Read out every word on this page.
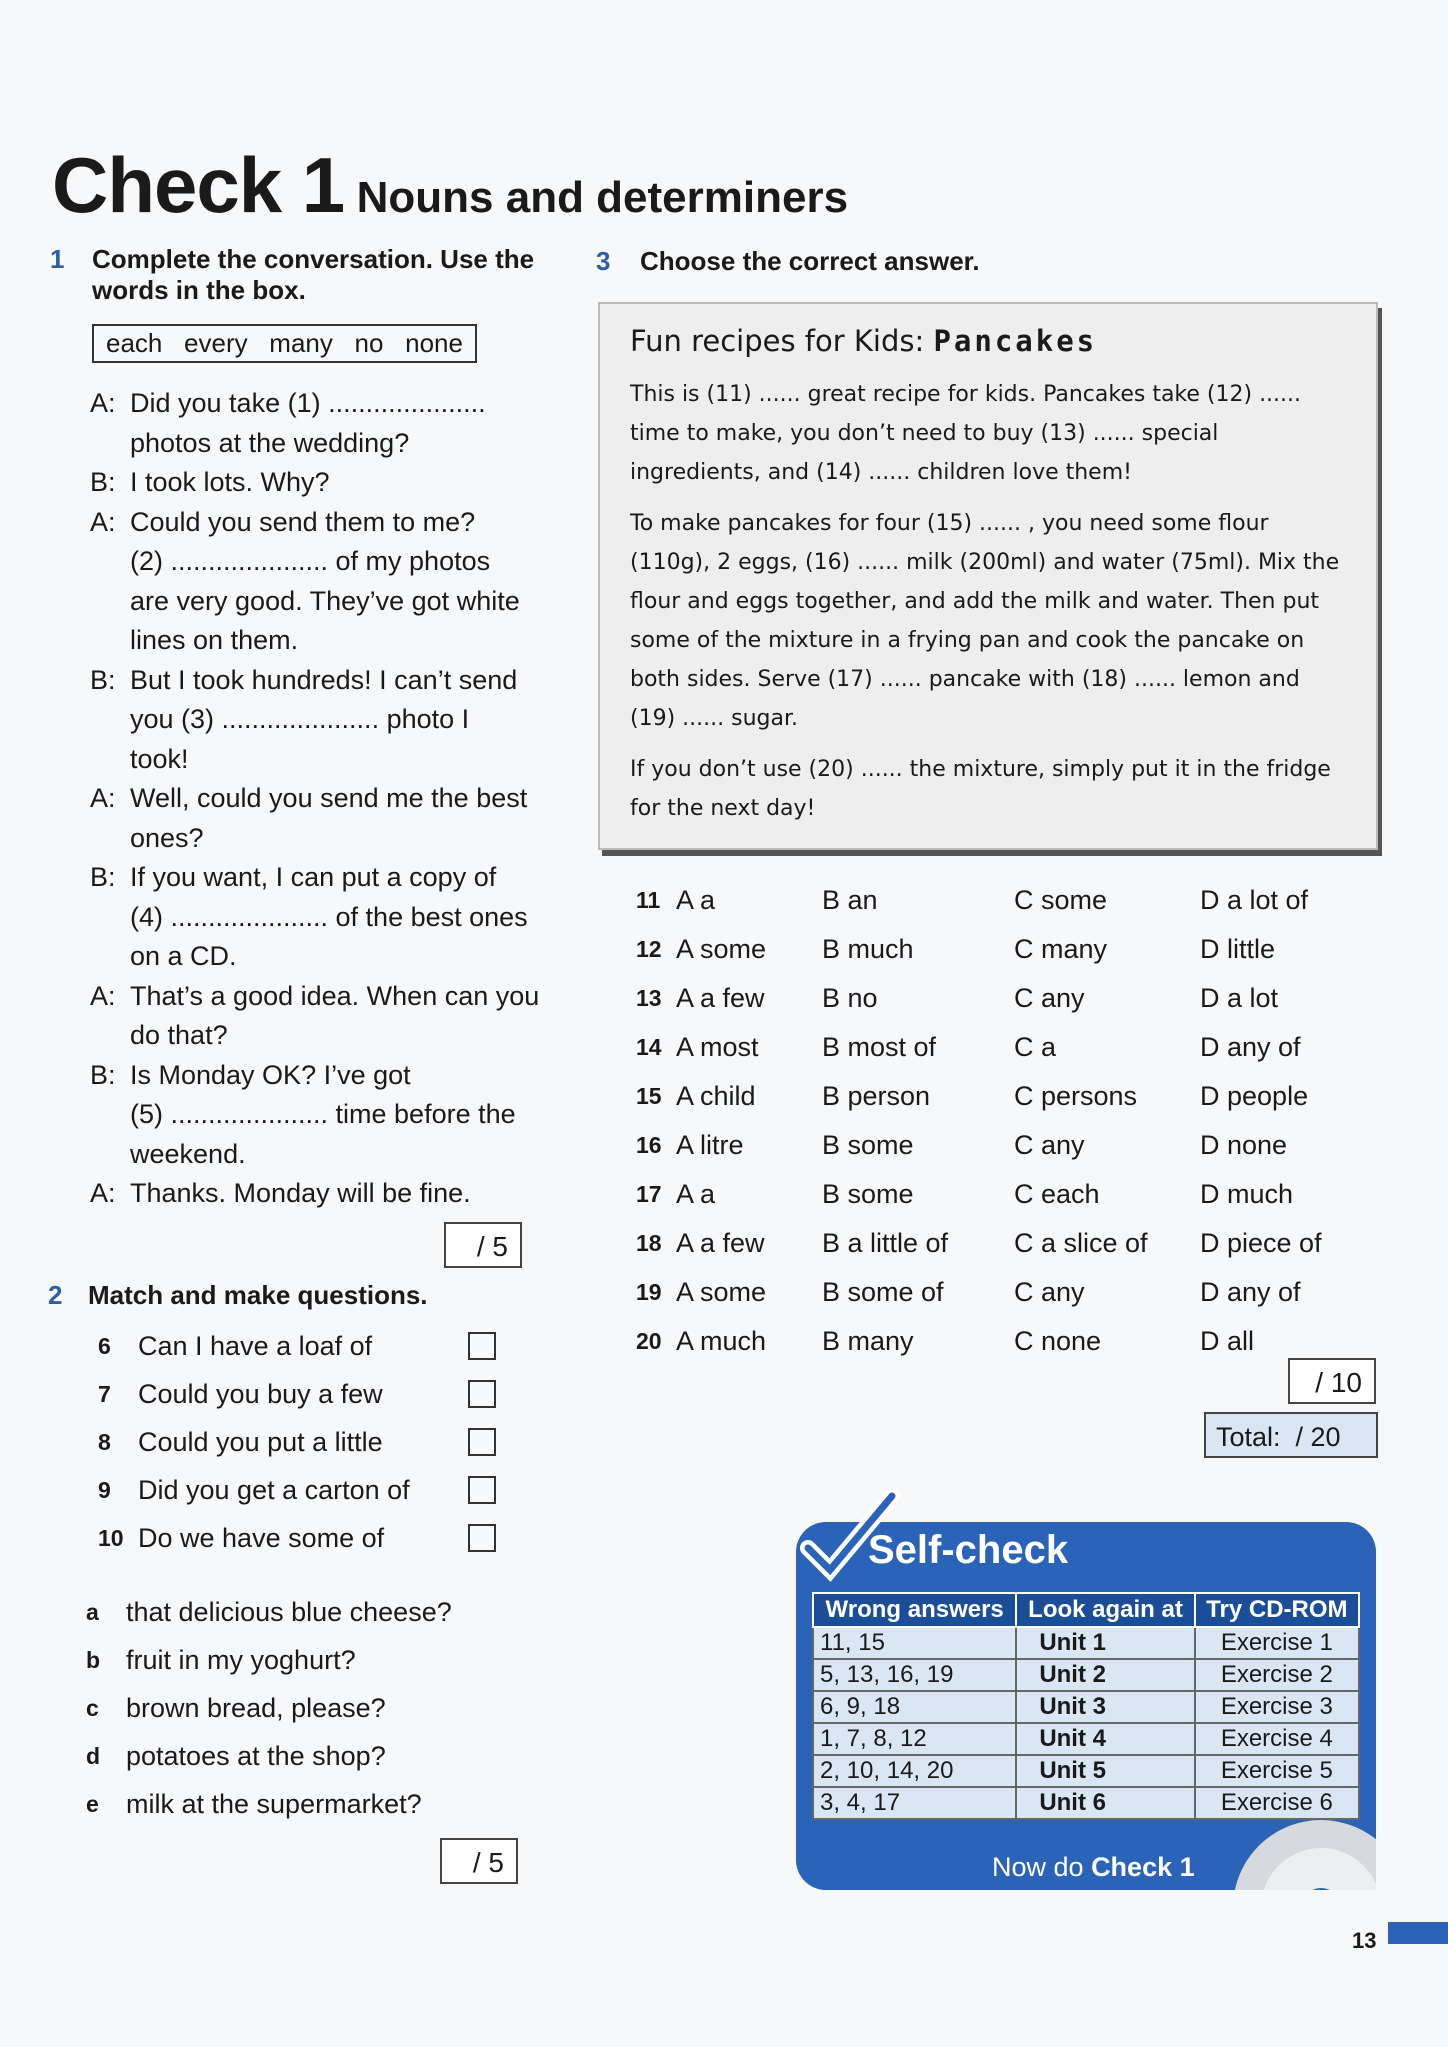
Check 1 Nouns and determiners
1	Complete the conversation. Use the
words in the box.
each   every   many   no   none
A: Did you take (1) .....................
photos at the wedding?
B: I took lots. Why?
A: Could you send them to me?
(2) ..................... of my photos
are very good. They’ve got white
lines on them.
B: But I took hundreds! I can’t send
you (3) ..................... photo I
took!
A: Well, could you send me the best
ones?
B: If you want, I can put a copy of
(4) ..................... of the best ones
on a CD.
A: That’s a good idea. When can you
do that?
B: Is Monday OK? I’ve got
(5) ..................... time before the
weekend.
A: Thanks. Monday will be fine.
/ 5
2 Match and make questions.
6	Can I have a loaf of
7	Could you buy a few
8	Could you put a little
9	Did you get a carton of
10 Do we have some of
a	that delicious blue cheese?
b fruit in my yoghurt?
c	brown bread, please?
d potatoes at the shop?
e	milk at the supermarket?
/ 5
3	Choose the correct answer.
Fun recipes for Kids: Pancakes

This is (11) ...... great recipe for kids. Pancakes take (12) ...... time to make, you don’t need to buy (13) ...... special ingredients, and (14) ...... children love them!

To make pancakes for four (15) ...... , you need some flour (110g), 2 eggs, (16) ...... milk (200ml) and water (75ml). Mix the flour and eggs together, and add the milk and water. Then put some of the mixture in a frying pan and cook the pancake on both sides. Serve (17) ...... pancake with (18) ...... lemon and (19) ...... sugar.

If you don’t use (20) ...... the mixture, simply put it in the fridge for the next day!

11 A a	B an	C some	D a lot of
12 A some	B much	C many	D little
13 A a few	B no	C any	D a lot
14 A most	B most of	C a	D any of
15 A child	B person	C persons	D people
16 A litre	B some	C any	D none
17 A a	B some	C each	D much
18 A a few	B a little of	C a slice of	D piece of
19 A some	B some of	C any	D any of
20 A much	B many	C none	D all
/ 10
Total:  / 20
Self-check
Wrong answers	Look again at	Try CD-ROM
11, 15	Unit 1	Exercise 1
5, 13, 16, 19	Unit 2	Exercise 2
6, 9, 18	Unit 3	Exercise 3
1, 7, 8, 12	Unit 4	Exercise 4
2, 10, 14, 20	Unit 5	Exercise 5
3, 4, 17	Unit 6	Exercise 6
Now do Check 1
13
